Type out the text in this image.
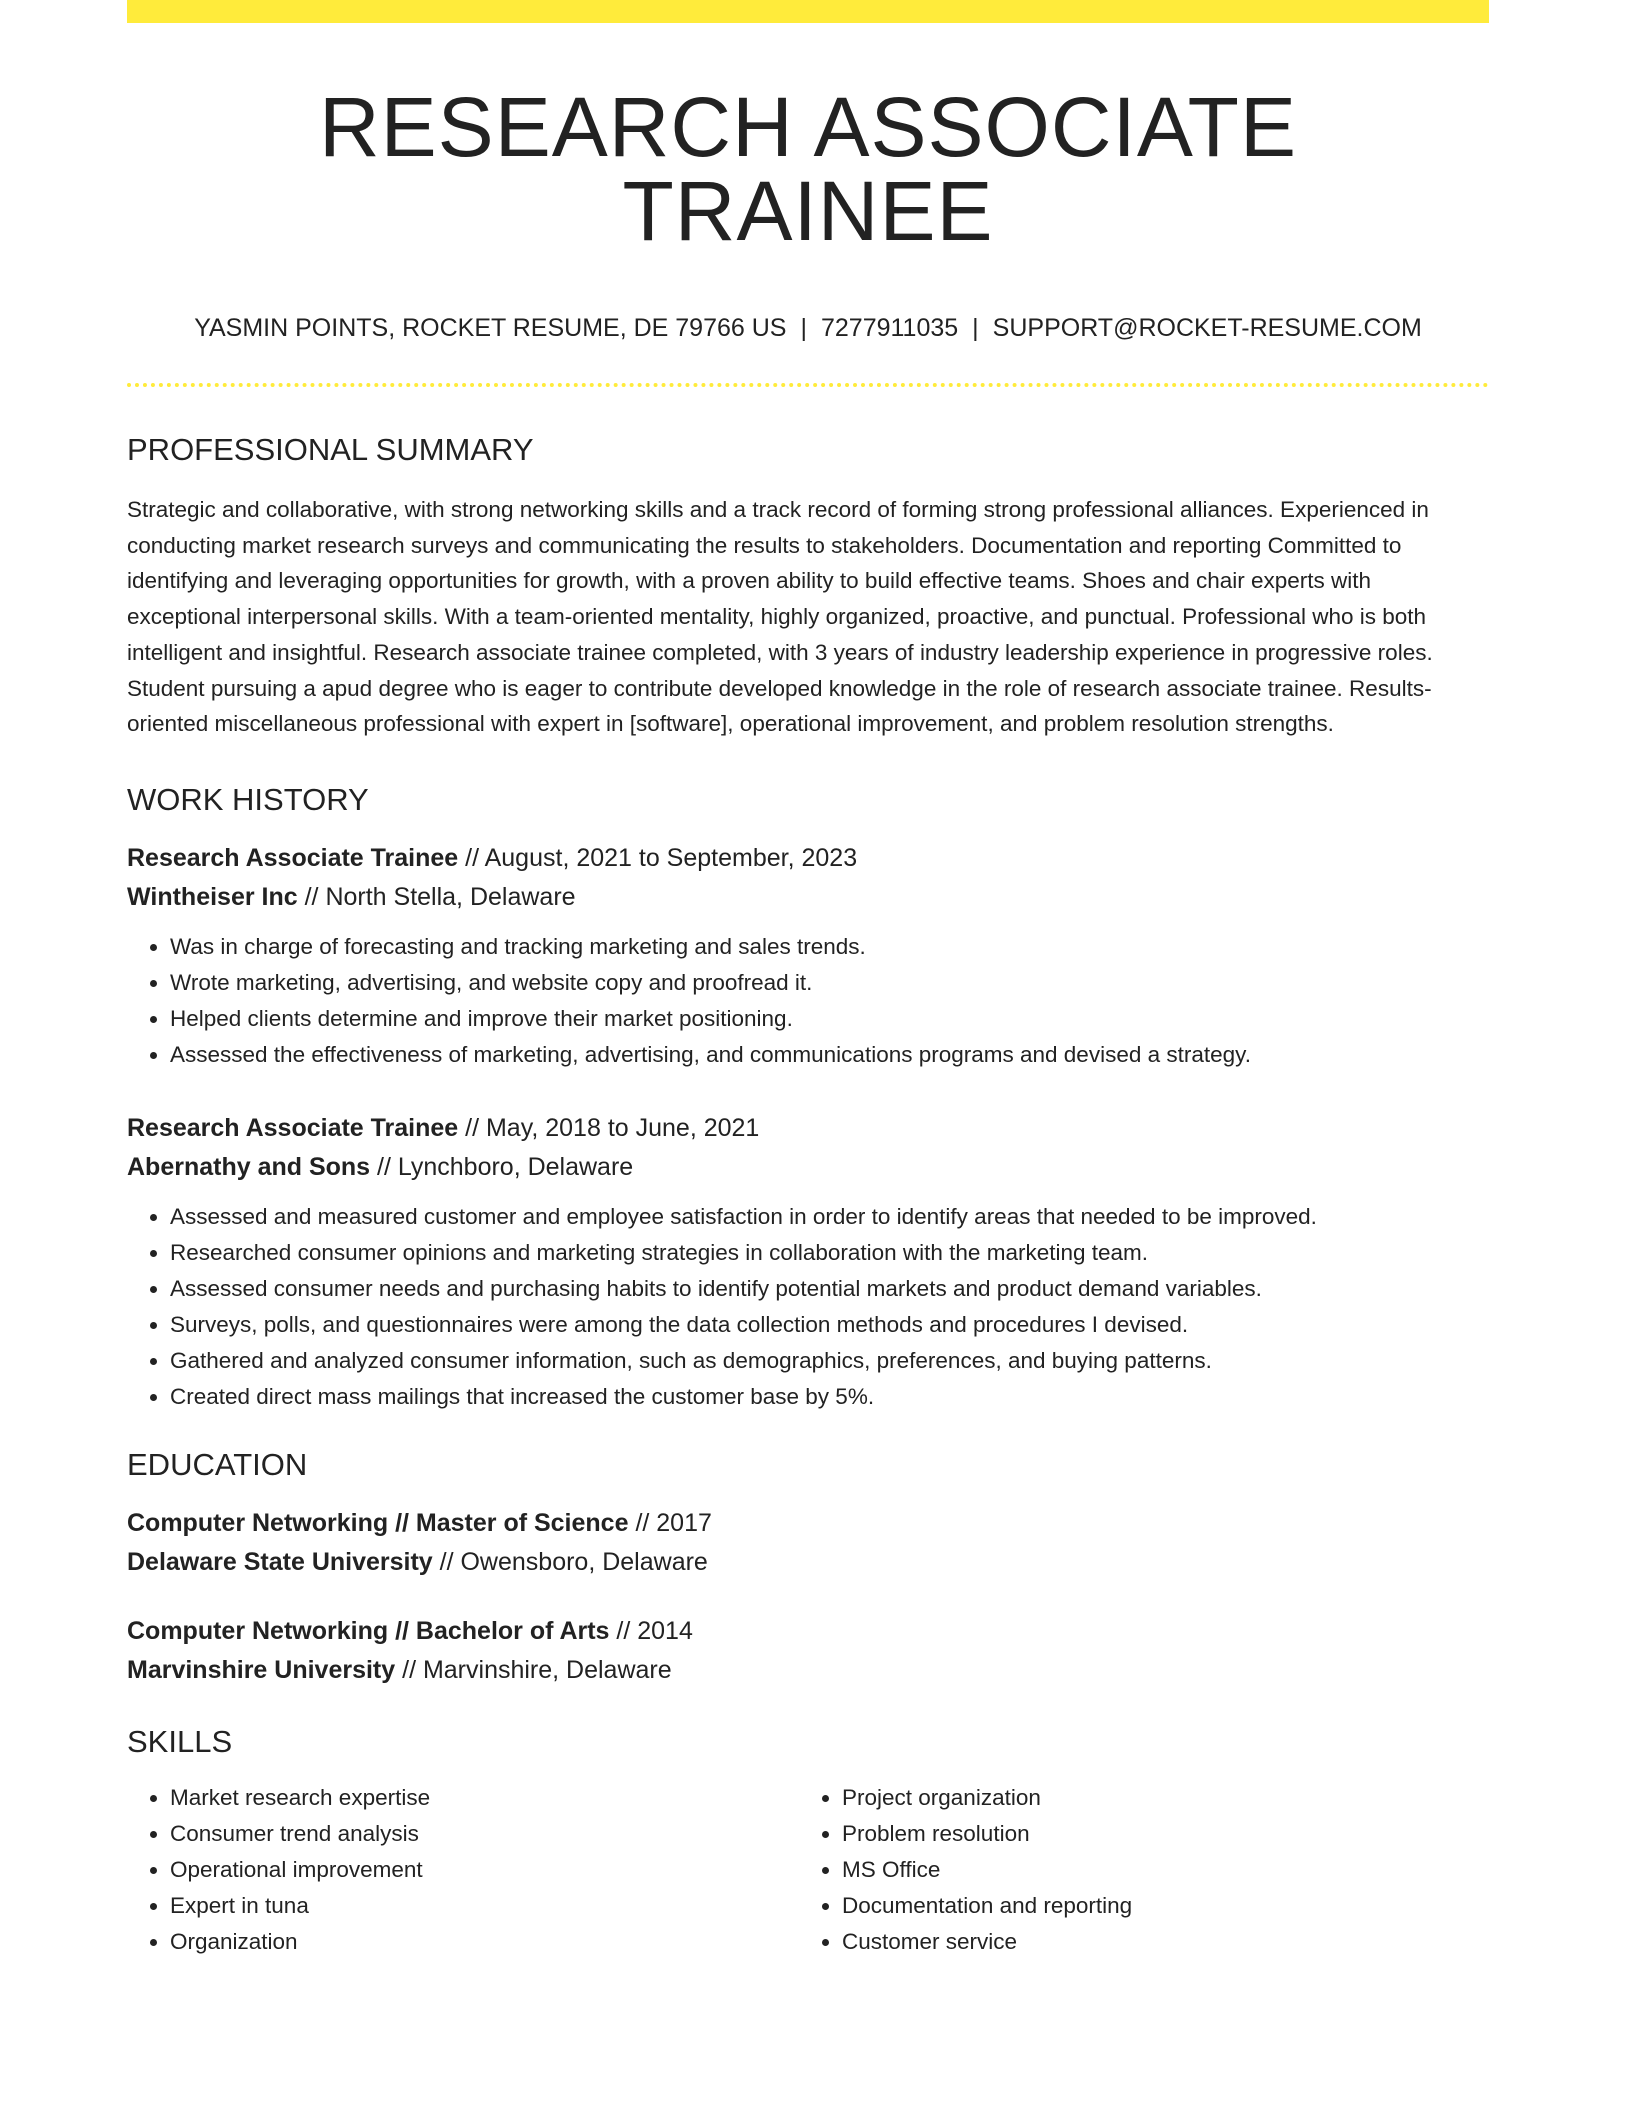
RESEARCH ASSOCIATE TRAINEE
YASMIN POINTS, ROCKET RESUME, DE 79766 US | 7277911035 | SUPPORT@ROCKET-RESUME.COM
PROFESSIONAL SUMMARY

Strategic and collaborative, with strong networking skills and a track record of forming strong professional alliances. Experienced in conducting market research surveys and communicating the results to stakeholders. Documentation and reporting Committed to identifying and leveraging opportunities for growth, with a proven ability to build effective teams. Shoes and chair experts with exceptional interpersonal skills. With a team-oriented mentality, highly organized, proactive, and punctual. Professional who is both intelligent and insightful. Research associate trainee completed, with 3 years of industry leadership experience in progressive roles. Student pursuing a apud degree who is eager to contribute developed knowledge in the role of research associate trainee. Results-oriented miscellaneous professional with expert in [software], operational improvement, and problem resolution strengths.

WORK HISTORY
Research Associate Trainee // August, 2021 to September, 2023
Wintheiser Inc // North Stella, Delaware
• Was in charge of forecasting and tracking marketing and sales trends.
• Wrote marketing, advertising, and website copy and proofread it.
• Helped clients determine and improve their market positioning.
• Assessed the effectiveness of marketing, advertising, and communications programs and devised a strategy.
Research Associate Trainee // May, 2018 to June, 2021
Abernathy and Sons // Lynchboro, Delaware
• Assessed and measured customer and employee satisfaction in order to identify areas that needed to be improved.
• Researched consumer opinions and marketing strategies in collaboration with the marketing team.
• Assessed consumer needs and purchasing habits to identify potential markets and product demand variables.
• Surveys, polls, and questionnaires were among the data collection methods and procedures I devised.
• Gathered and analyzed consumer information, such as demographics, preferences, and buying patterns.
• Created direct mass mailings that increased the customer base by 5%.
EDUCATION
Computer Networking // Master of Science // 2017
Delaware State University // Owensboro, Delaware
Computer Networking // Bachelor of Arts // 2014
Marvinshire University // Marvinshire, Delaware
SKILLS
• Market research expertise
• Consumer trend analysis
• Operational improvement
• Expert in tuna
• Organization
• Project organization
• Problem resolution
• MS Office
• Documentation and reporting
• Customer service
